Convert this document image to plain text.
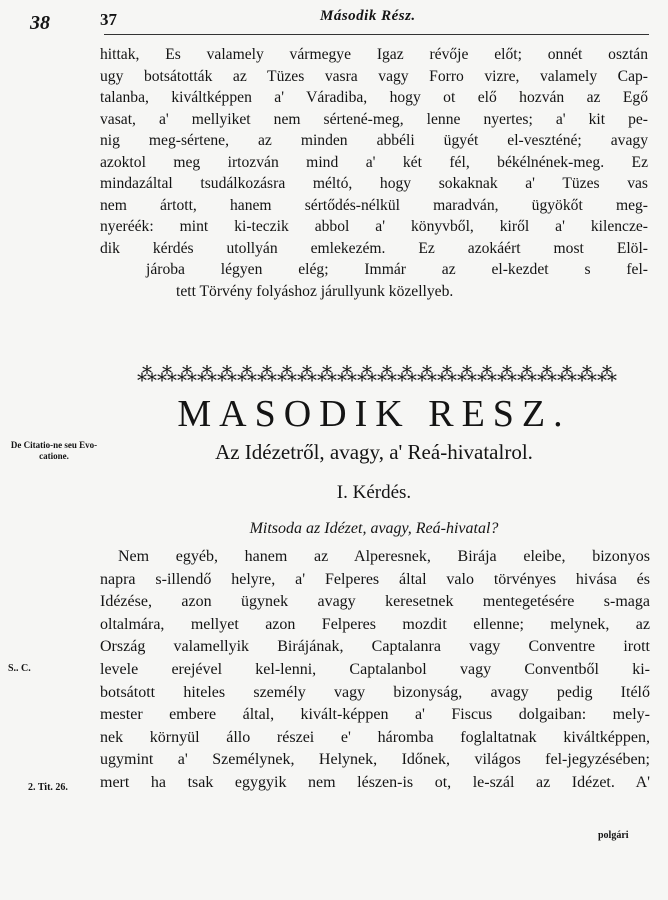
38	37	Második Rész.
hittak, Es valamely vármegye Igaz révője előt; onnét osztán
ugy botsátották az Tüzes vasra vagy Forro vizre, valamely Cap-
talanba, kiváltképpen a' Váradiba, hogy ot elő hozván az Egő
vasat, a' mellyiket nem sértené-meg, lenne nyertes; a' kit pe-
nig meg-sértene, az minden abbéli ügyét el-veszténé; avagy
azoktol meg irtozván mind a' két fél, békélnének-meg. Ez
mindazáltal tsudálkozásra méltó, hogy sokaknak a' Tüzes vas
nem ártott, hanem sértődés-nélkül maradván, ügyökőt meg-
nyeréék: mint ki-teczik abbol a' könyvből, kiről a' kilencze-
dik kérdés utollyán emlekezém. Ez azokáért most Elöl-
jároba légyen elég; Immár az el-kezdet s fel-
tett Törvény folyáshoz járullyunk közellyeb.
⁂⁂⁂⁂⁂⁂⁂⁂⁂⁂⁂⁂⁂⁂⁂⁂⁂⁂⁂⁂⁂⁂⁂⁂
MASODIK RESZ.
Az Idézetről, avagy, a' Reá-hivatalrol.
I. Kérdés.
Mitsoda az Idézet, avagy, Reá-hivatal?
Nem egyéb, hanem az Alperesnek, Birája eleibe, bizonyos
napra s-illendő helyre, a' Felperes által valo törvényes hivása és
Idézése, azon ügynek avagy keresetnek mentegetésére s-maga
oltalmára, mellyet azon Felperes mozdit ellenne; melynek, az
Ország valamellyik Birájának, Captalanra vagy Conventre irott
levele erejével kel-lenni, Captalanbol vagy Conventből ki-
botsátott hiteles személy vagy bizonyság, avagy pedig Itélő
mester embere által, kivált-képpen a' Fiscus dolgaiban: mely-
nek környül állo részei e' háromba foglaltatnak kiváltképpen,
ugymint a' Személynek, Helynek, Időnek, világos fel-jegyzésében;
mert ha tsak egygyik nem lészen-is ot, le-szál az Idézet. A'
De Citatio-ne seu Evo-catione.
S.. C.
2. Tit. 26.
polgári
